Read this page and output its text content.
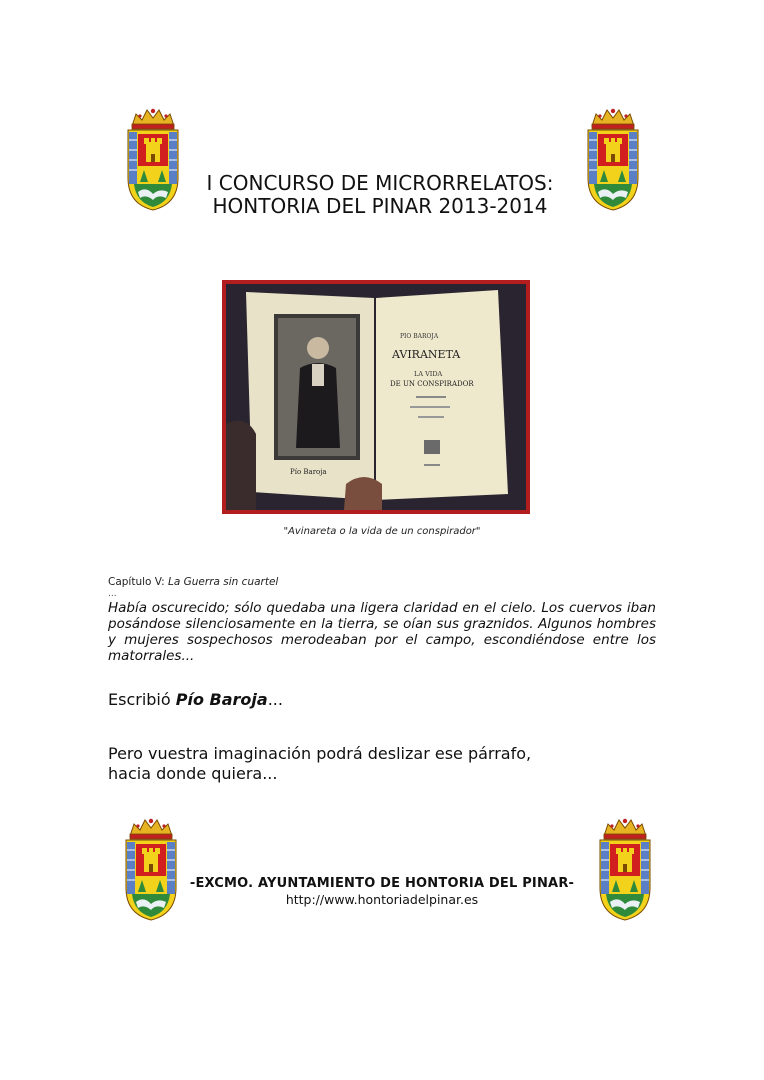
I CONCURSO DE MICRORRELATOS:
HONTORIA DEL PINAR 2013-2014
Pío Baroja
PIO BAROJA
AVIRANETA
LA VIDA
DE UN CONSPIRADOR
"Avinareta o la vida de un conspirador"
Capítulo V: La Guerra sin cuartel
...
Había oscurecido; sólo quedaba una ligera claridad en el cielo. Los cuervos iban posándose silenciosamente en la tierra, se oían sus graznidos. Algunos hombres y mujeres sospechosos merodeaban por el campo, escondiéndose entre los matorrales...
Escribió Pío Baroja...
Pero vuestra imaginación podrá deslizar ese párrafo,
hacia donde quiera...
-EXCMO. AYUNTAMIENTO DE HONTORIA DEL PINAR-
http://www.hontoriadelpinar.es
